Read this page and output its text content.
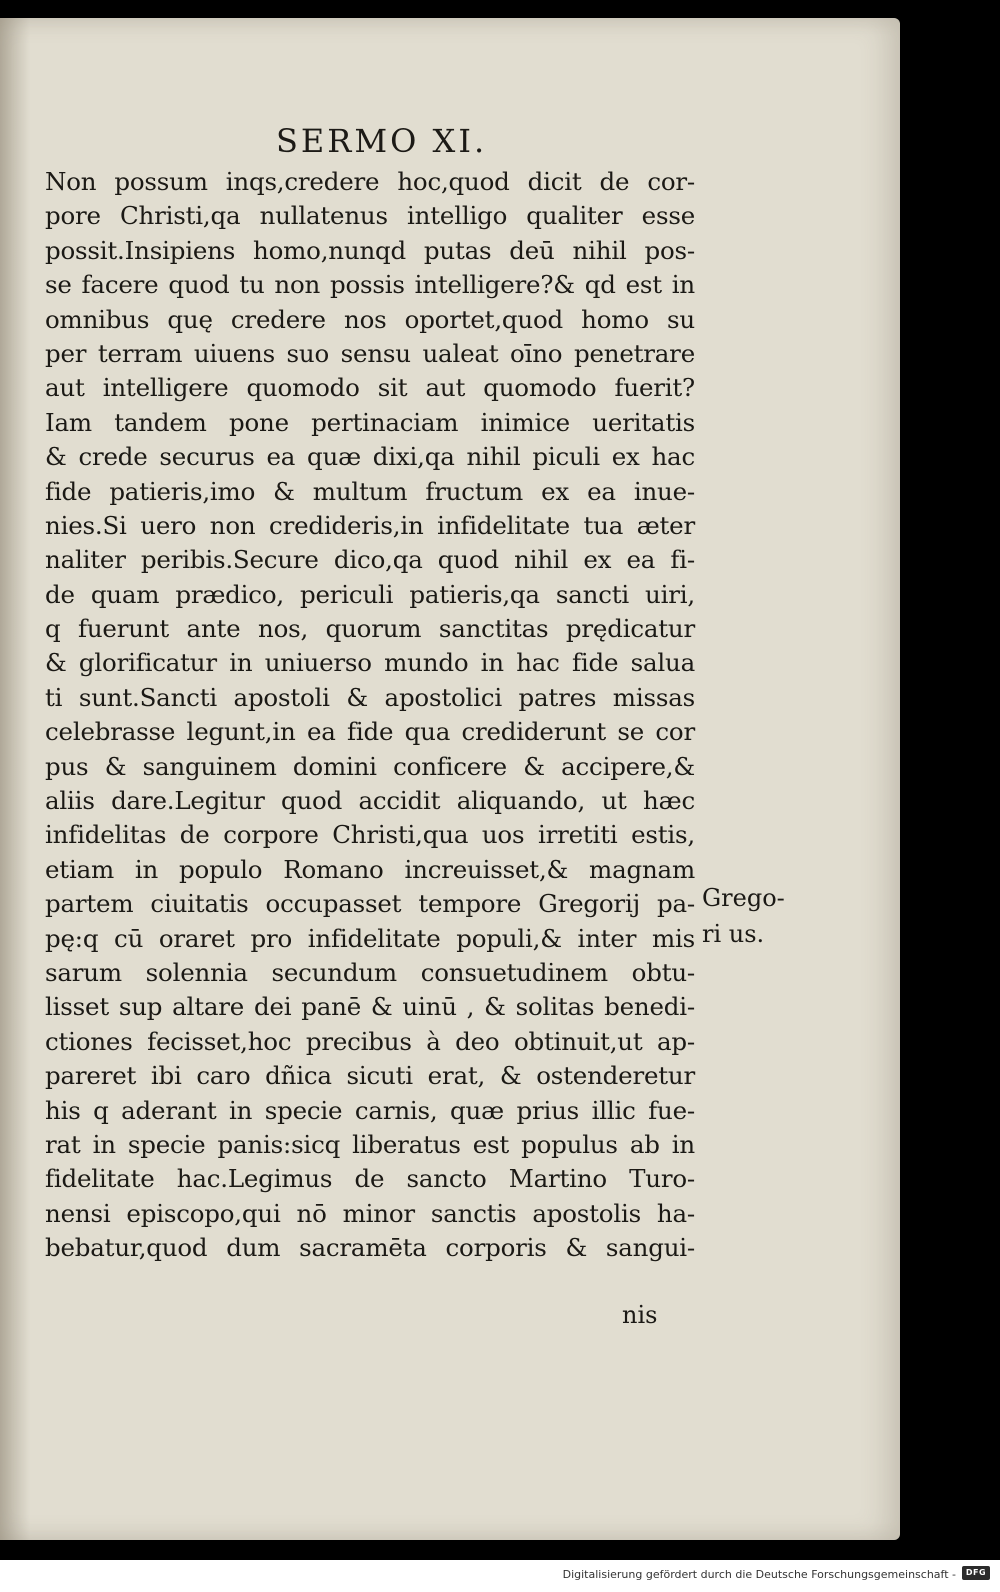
SERMO XI.
Non possum inqs,credere hoc,quod dicit de cor-
pore Christi,qa nullatenus intelligo qualiter esse
possit.Insipiens homo,nunqd putas deū nihil pos-
se facere quod tu non possis intelligere?& qd est in
omnibus quę credere nos oportet,quod homo su
per terram uiuens suo sensu ualeat oīno penetrare
aut intelligere quomodo sit aut quomodo fuerit?
Iam tandem pone pertinaciam inimice ueritatis
& crede securus ea quæ dixi,qa nihil piculi ex hac
fide patieris,imo & multum fructum ex ea inue-
nies.Si uero non credideris,in infidelitate tua æter
naliter peribis.Secure dico,qa quod nihil ex ea fi-
de quam prædico, periculi patieris,qa sancti uiri,
q fuerunt ante nos, quorum sanctitas prędicatur
& glorificatur in uniuerso mundo in hac fide salua
ti sunt.Sancti apostoli & apostolici patres missas
celebrasse legunt,in ea fide qua crediderunt se cor
pus & sanguinem domini conficere & accipere,&
aliis dare.Legitur quod accidit aliquando, ut hæc
infidelitas de corpore Christi,qua uos irretiti estis,
etiam in populo Romano increuisset,& magnam
partem ciuitatis occupasset tempore Gregorij pa-
pę:q cū oraret pro infidelitate populi,& inter mis
sarum solennia secundum consuetudinem obtu-
lisset sup altare dei panē & uinū , & solitas benedi-
ctiones fecisset,hoc precibus à deo obtinuit,ut ap-
pareret ibi caro dñica sicuti erat, & ostenderetur
his q aderant in specie carnis, quæ prius illic fue-
rat in specie panis:sicq liberatus est populus ab in
fidelitate hac.Legimus de sancto Martino Turo-
nensi episcopo,qui nō minor sanctis apostolis ha-
bebatur,quod dum sacramēta corporis & sangui-
Grego-
ri us.
nis
Digitalisierung gefördert durch die Deutsche Forschungsgemeinschaft -	DFG
